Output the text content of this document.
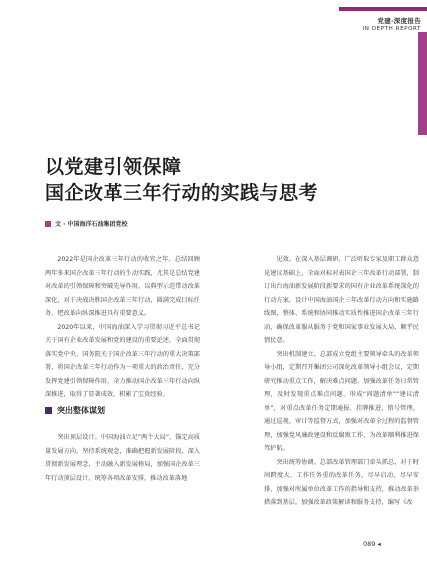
党建·深度报告
IN DEPTH REPORT
以党建引领保障
国企改革三年行动的实践与思考
文 · 中国海洋石油集团党校

2022年是国企改革三年行动的收官之年。总结回顾两年多来国企改革三年行动的生动实践，尤其是总结党建对改革的引领保障和突破先导作用，以典型示范带动改革深化，对于决战决胜国企改革三年行动，圆满完成目标任务，把改革向纵深推进具有重要意义。

2020年以来，中国海油深入学习贯彻习近平总书记关于国有企业改革发展和党的建设的重要论述，全面贯彻落实党中央、国务院关于国企改革三年行动的重大决策部署，将国企改革三年行动作为一项重大的政治责任，充分发挥党建引领保障作用，全力推动国企改革三年行动向纵深推进，取得了显著成效，积累了宝贵经验。

突出整体谋划

突出顶层设计。中国海油立足“两个大局”，锚定高质量发展方向，坚持系统观念，准确把握新发展阶段，深入贯彻新发展理念，主动融入新发展格局，加强国企改革三年行动顶层设计，统筹各项改革安排，推动改革落地

见效。在深入基层调研、广泛听取专家及职工群众意见建议基础上，全面对标对表国企三年改革行动部署，制订出台海油新发展阶段新要求的国有企业改革系统深化的行动方案，设计中国海油国企三年改革行动方向和实施路线图，整体、系统和协同推动实质性推进国企改革三年行动，确保改革服从服务于党和国家事业发展大局、顺乎民情民意。

突出机制建立。总部成立党组主要领导牵头的改革领导小组，定期召开集团公司深化改革领导小组会议，定期研究推动重点工作，解决难点问题。加强改革任务日常管理，及时发现重点难点问题，形成“问题清单”“建议清单”，对重点改革任务定期通报、挂牌推进、销号管理。通过巡视、审计等监督方式，加强对改革全过程的监督管理，加强党风廉政建设和反腐败工作，为改革顺利推进保驾护航。

突出统筹协调。总部改革管理部门牵头抓总，对于时间跨度大、工作任务重的改革任务，尽早启动、尽早安排，加强对所属单位改革工作的指导和支持，推动改革举措落到基层。加强改革政策解读和服务支持，编写《改

089 ◂
